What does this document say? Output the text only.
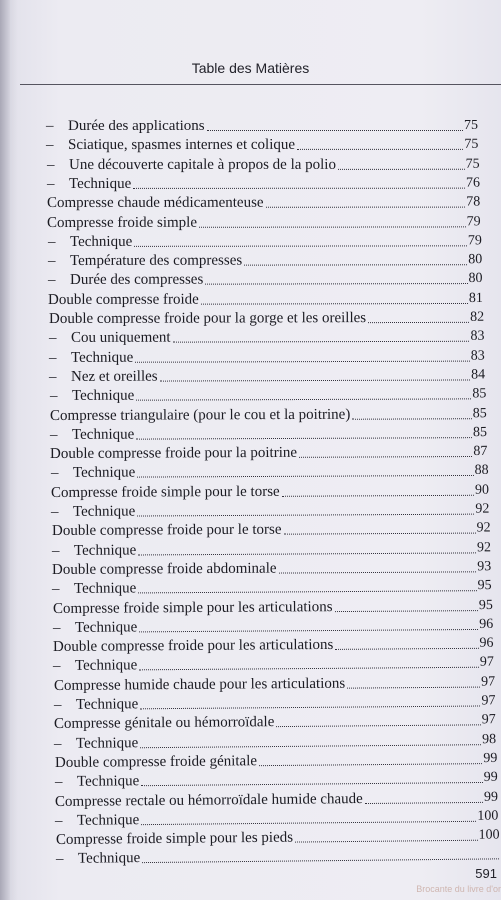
Table des Matières
– Durée des applications	75
– Sciatique, spasmes internes et colique	75
– Une découverte capitale à propos de la polio	75
– Technique	76
Compresse chaude médicamenteuse	78
Compresse froide simple	79
– Technique	79
– Température des compresses	80
– Durée des compresses	80
Double compresse froide	81
Double compresse froide pour la gorge et les oreilles	82
– Cou uniquement	83
– Technique	83
– Nez et oreilles	84
– Technique	85
Compresse triangulaire (pour le cou et la poitrine)	85
– Technique	85
Double compresse froide pour la poitrine	87
– Technique	88
Compresse froide simple pour le torse	90
– Technique	92
Double compresse froide pour le torse	92
– Technique	92
Double compresse froide abdominale	93
– Technique	95
Compresse froide simple pour les articulations	95
– Technique	96
Double compresse froide pour les articulations	96
– Technique	97
Compresse humide chaude pour les articulations	97
– Technique	97
Compresse génitale ou hémorroïdale	97
– Technique	98
Double compresse froide génitale	99
– Technique	99
Compresse rectale ou hémorroïdale humide chaude	99
– Technique	100
Compresse froide simple pour les pieds	100
– Technique
591
Brocante du livre d'or
